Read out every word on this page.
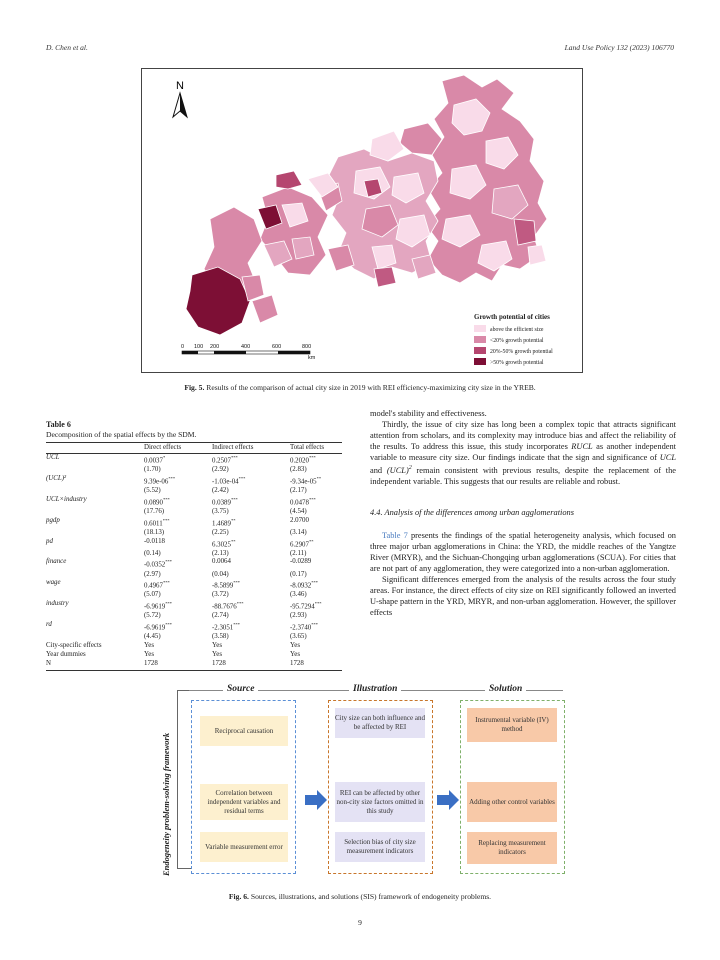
D. Chen et al.	Land Use Policy 132 (2023) 106770
N
0 100 200	400	600	800
km
Growth potential of cities
above the efficient size
<20% growth potential
20%-50% growth potential
>50% growth potential
Fig. 5. Results of the comparison of actual city size in 2019 with REI efficiency-maximizing city size in the YREB.
Table 6
Decomposition of the spatial effects by the SDM.
	Direct effects	Indirect effects	Total effects
UCL	0.0037*	0.2507***	0.2020***
	(1.70)	(2.92)	(2.83)
(UCL)²	9.39e-06***	-1.03e-04***	-9.34e-05**
	(5.52)	(2.42)	(2.17)
UCL×industry	0.0890***	0.0389***	0.0478***
	(17.76)	(3.75)	(4.54)
pgdp	0.6011***	1.4689**	2.0700
	(18.13)	(2.25)	(3.14)
pd	-0.0118	6.3025**	6.2907**
	(0.14)	(2.13)	(2.11)
finance	-0.0352***	0.0064	-0.0289
	(2.97)	(0.04)	(0.17)
wage	0.4967***	-8.5899***	-8.0932***
	(5.07)	(3.72)	(3.46)
industry	-6.9619***	-88.7676***	-95.7294***
	(5.72)	(2.74)	(2.93)
rd	-6.9619***	-2.3051***	-2.3740***
	(4.45)	(3.58)	(3.65)
City-specific effects	Yes	Yes	Yes
Year dummies	Yes	Yes	Yes
N	1728	1728	1728

model's stability and effectiveness.

Thirdly, the issue of city size has long been a complex topic that attracts significant attention from scholars, and its complexity may introduce bias and affect the reliability of the results. To address this issue, this study incorporates RUCL as another independent variable to measure city size. Our findings indicate that the sign and significance of UCL and (UCL)$^2$ remain consistent with previous results, despite the replacement of the independent variable. This suggests that our results are reliable and robust.

4.4. Analysis of the differences among urban agglomerations

Table 7 presents the findings of the spatial heterogeneity analysis, which focused on three major urban agglomerations in China: the YRD, the middle reaches of the Yangtze River (MRYR), and the Sichuan-Chongqing urban agglomerations (SCUA). For cities that are not part of any agglomeration, they were categorized into a non-urban agglomeration.

Significant differences emerged from the analysis of the results across the four study areas. For instance, the direct effects of city size on REI significantly followed an inverted U-shape pattern in the YRD, MRYR, and non-urban agglomeration. However, the spillover effects

Endogeneity problem-solving framework
Source
Reciprocal causation
Correlation between independent variables and residual terms
Variable measurement error
Illustration
City size can both influence and be affected by REI
REI can be affected by other non-city size factors omitted in this study
Selection bias of city size measurement indicators
Solution
Instrumental variable (IV) method
Adding other control variables
Replacing measurement indicators
Fig. 6. Sources, illustrations, and solutions (SIS) framework of endogeneity problems.
9
